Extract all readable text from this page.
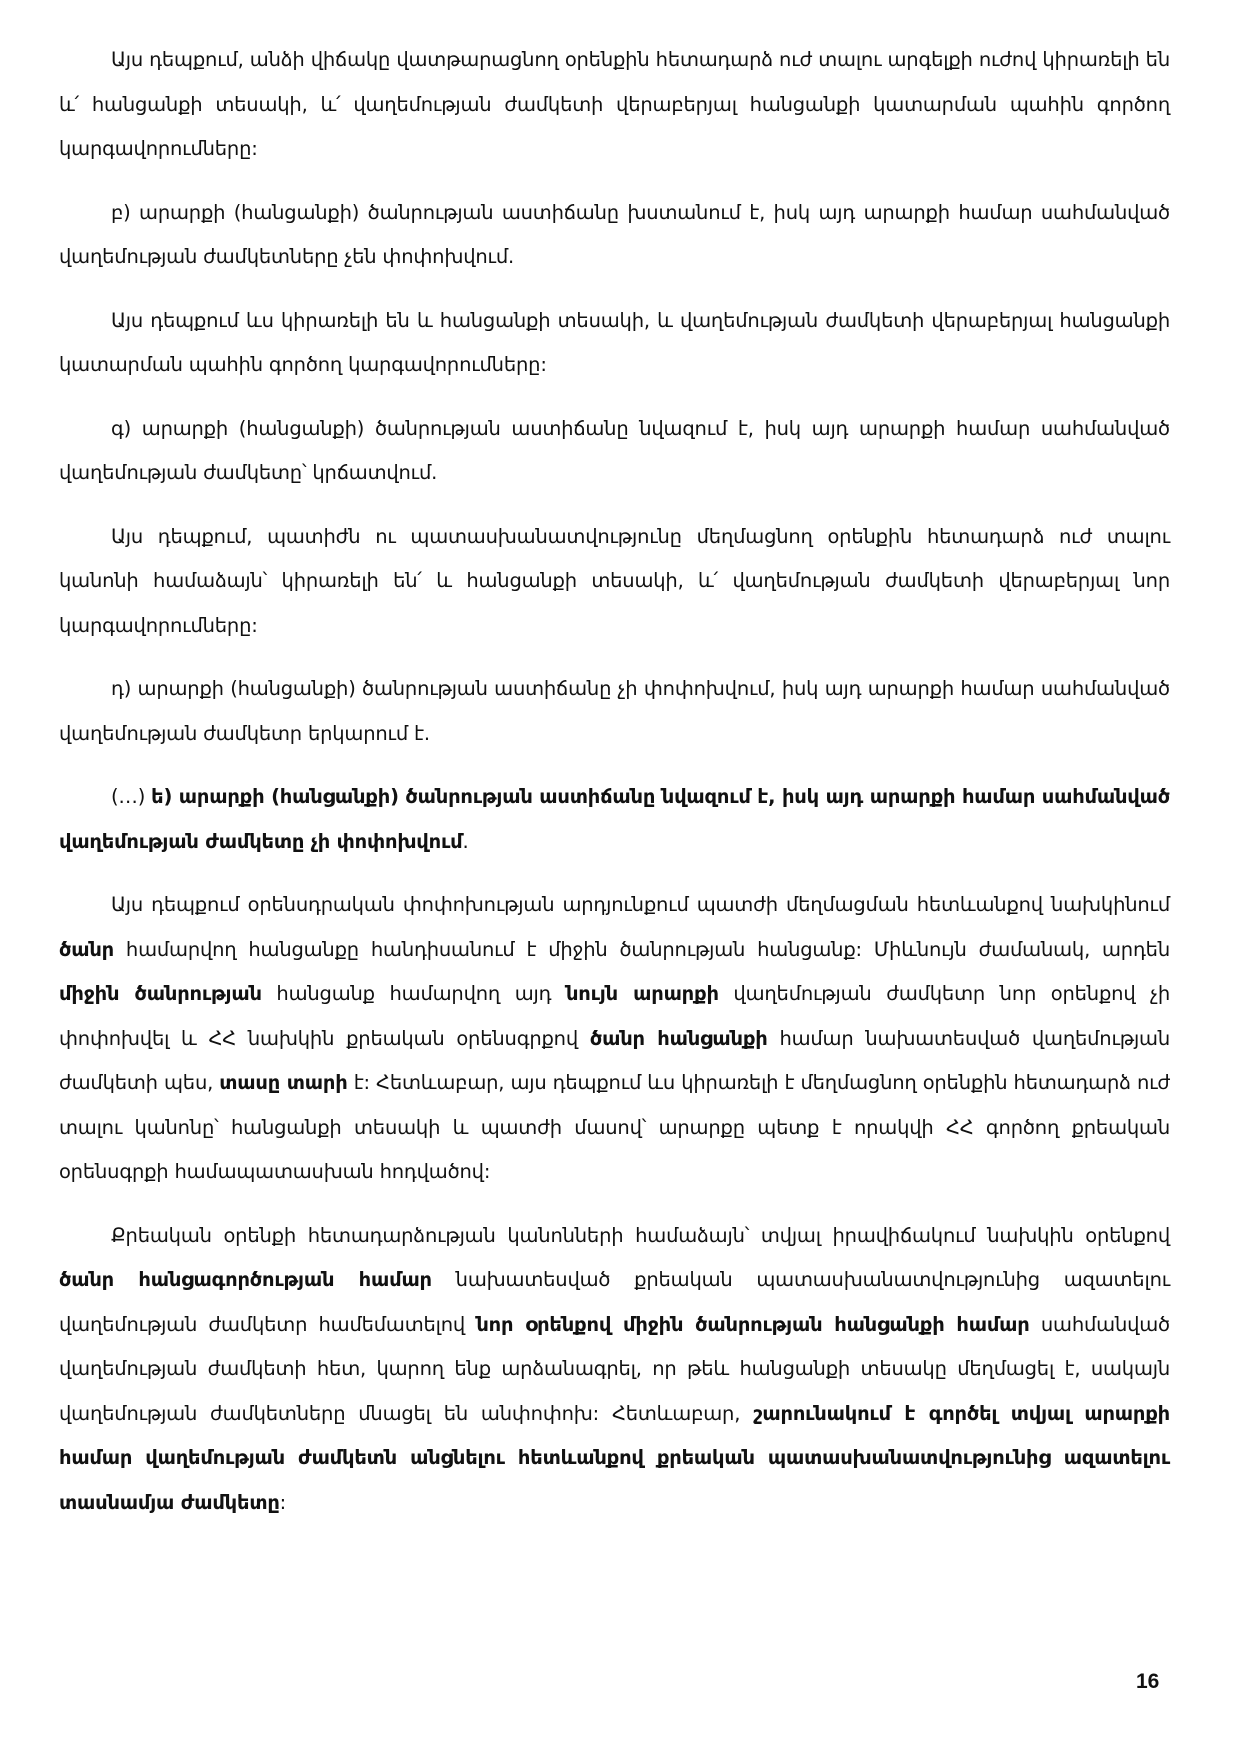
Այս դեպքում, անձի վիճակը վատթարացնող օրենքին հետադարձ ուժ տալու արգելքի ուժով կիրառելի են և՛ հանցանքի տեսակի, և՛ վաղեմության ժամկետի վերաբերյալ հանցանքի կատարման պահին գործող կարգավորումները:

բ) արարքի (հանցանքի) ծանրության աստիճանը խստանում է, իսկ այդ արարքի համար սահմանված վաղեմության ժամկետները չեն փոփոխվում.

Այս դեպքում ևս կիրառելի են և հանցանքի տեսակի, և վաղեմության ժամկետի վերաբերյալ հանցանքի կատարման պահին գործող կարգավորումները:

գ) արարքի (հանցանքի) ծանրության աստիճանը նվազում է, իսկ այդ արարքի համար սահմանված վաղեմության ժամկետը՝ կրճատվում.

Այս դեպքում, պատիժն ու պատասխանատվությունը մեղմացնող օրենքին հետադարձ ուժ տալու կանոնի համաձայն՝ կիրառելի են՛ և հանցանքի տեսակի, և՛ վաղեմության ժամկետի վերաբերյալ նոր կարգավորումները:

դ) արարքի (հանցանքի) ծանրության աստիճանը չի փոփոխվում, իսկ այդ արարքի համար սահմանված վաղեմության ժամկետր երկարում է.

(…) ե) արարքի (հանցանքի) ծանրության աստիճանը նվազում է, իսկ այդ արարքի համար սահմանված վաղեմության ժամկետը չի փոփոխվում.

Այս դեպքում օրենսդրական փոփոխության արդյունքում պատժի մեղմացման հետևանքով նախկինում ծանր համարվող հանցանքը հանդիսանում է միջին ծանրության հանցանք: Միևնույն ժամանակ, արդեն միջին ծանրության հանցանք համարվող այդ նույն արարքի վաղեմության ժամկետր նոր օրենքով չի փոփոխվել և ՀՀ նախկին քրեական օրենսգրքով ծանր հանցանքի համար նախատեսված վաղեմության ժամկետի պես, տասը տարի է: Հետևաբար, այս դեպքում ևս կիրառելի է մեղմացնող օրենքին հետադարձ ուժ տալու կանոնը՝ հանցանքի տեսակի և պատժի մասով՝ արարքը պետք է որակվի ՀՀ գործող քրեական օրենսգրքի համապատասխան հոդվածով:

Քրեական օրենքի հետադարձության կանոնների համաձայն՝ տվյալ իրավիճակում նախկին օրենքով ծանր հանցագործության համար նախատեսված քրեական պատասխանատվությունից ազատելու վաղեմության ժամկետր համեմատելով նոր օրենքով միջին ծանրության հանցանքի համար սահմանված վաղեմության ժամկետի հետ, կարող ենք արձանագրել, որ թեև հանցանքի տեսակը մեղմացել է, սակայն վաղեմության ժամկետները մնացել են անփոփոխ: Հետևաբար, շարունակում է գործել տվյալ արարքի համար վաղեմության ժամկետն անցնելու հետևանքով քրեական պատասխանատվությունից ազատելու տասնամյա ժամկետը:

16
